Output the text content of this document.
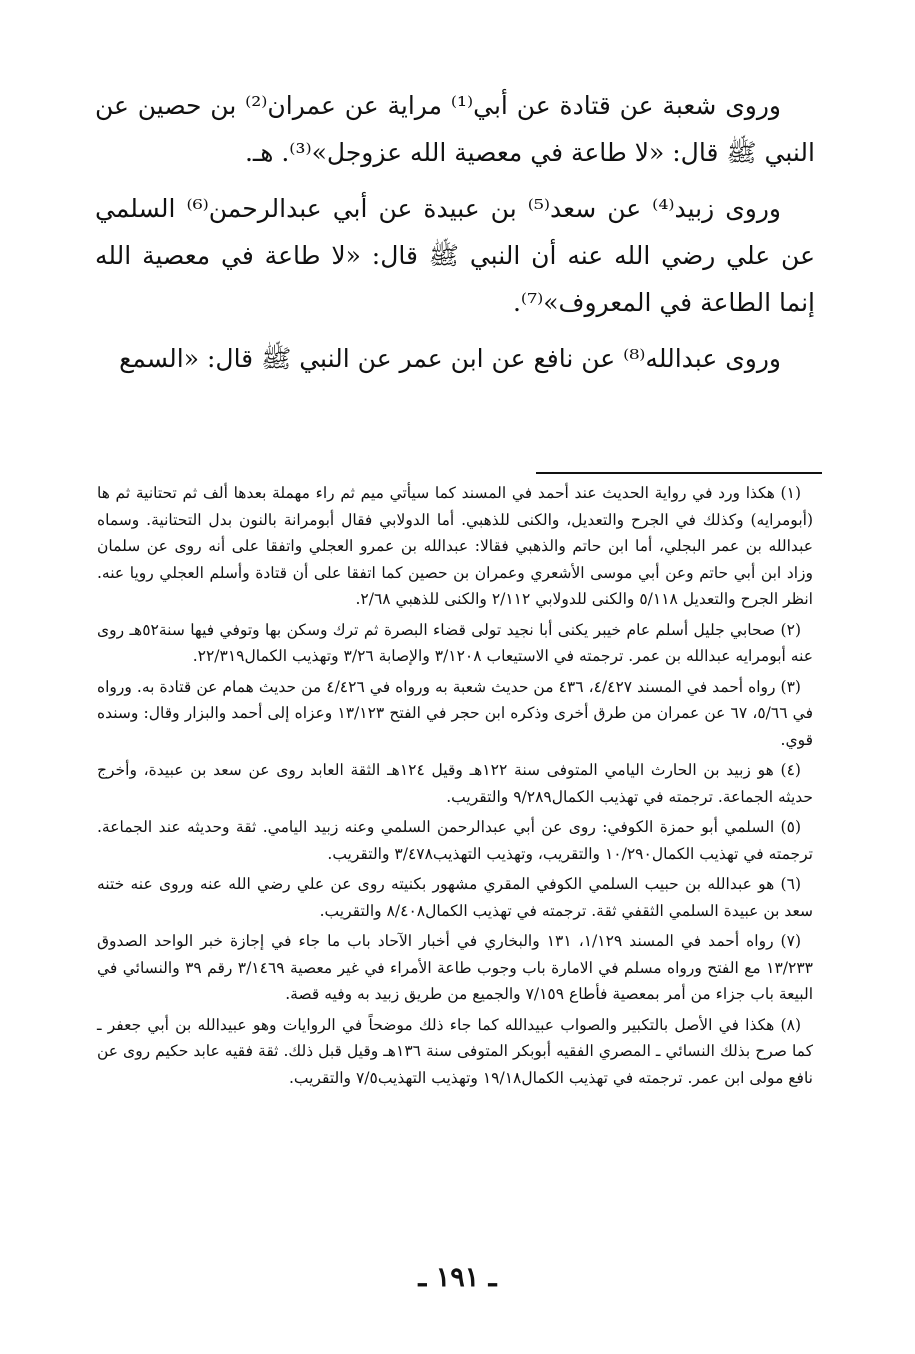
وروى شعبة عن قتادة عن أبي⁽¹⁾ مراية عن عمران⁽²⁾ بن حصين عن النبي ﷺ قال: «لا طاعة في معصية الله عزوجل»⁽³⁾. هـ.

وروى زبيد⁽⁴⁾ عن سعد⁽⁵⁾ بن عبيدة عن أبي عبدالرحمن⁽⁶⁾ السلمي عن علي رضي الله عنه أن النبي ﷺ قال: «لا طاعة في معصية الله إنما الطاعة في المعروف»⁽⁷⁾.

وروى عبدالله⁽⁸⁾ عن نافع عن ابن عمر عن النبي ﷺ قال: «السمع

(١) هكذا ورد في رواية الحديث عند أحمد في المسند كما سيأتي ميم ثم راء مهملة بعدها ألف ثم تحتانية ثم ها (أبومرايه) وكذلك في الجرح والتعديل، والكنى للذهبي. أما الدولابي فقال أبومرانة بالنون بدل التحتانية. وسماه عبدالله بن عمر البجلي، أما ابن حاتم والذهبي فقالا: عبدالله بن عمرو العجلي واتفقا على أنه روى عن سلمان وزاد ابن أبي حاتم وعن أبي موسى الأشعري وعمران بن حصين كما اتفقا على أن قتادة وأسلم العجلي رويا عنه. انظر الجرح والتعديل ٥/١١٨ والكنى للدولابي ٢/١١٢ والكنى للذهبي ٢/٦٨.

(٢) صحابي جليل أسلم عام خيبر يكنى أبا نجيد تولى قضاء البصرة ثم ترك وسكن بها وتوفي فيها سنة٥٢هـ روى عنه أبومرايه عبدالله بن عمر. ترجمته في الاستيعاب ٣/١٢٠٨ والإصابة ٣/٢٦ وتهذيب الكمال٢٢/٣١٩.

(٣) رواه أحمد في المسند ٤/٤٢٧، ٤٣٦ من حديث شعبة به ورواه في ٤/٤٢٦ من حديث همام عن قتادة به. ورواه في ٥/٦٦، ٦٧ عن عمران من طرق أخرى وذكره ابن حجر في الفتح ١٣/١٢٣ وعزاه إلى أحمد والبزار وقال: وسنده قوي.

(٤) هو زبيد بن الحارث اليامي المتوفى سنة ١٢٢هـ وقيل ١٢٤هـ الثقة العابد روى عن سعد بن عبيدة، وأخرج حديثه الجماعة. ترجمته في تهذيب الكمال٩/٢٨٩ والتقريب.

(٥) السلمي أبو حمزة الكوفي: روى عن أبي عبدالرحمن السلمي وعنه زبيد اليامي. ثقة وحديثه عند الجماعة. ترجمته في تهذيب الكمال١٠/٢٩٠ والتقريب، وتهذيب التهذيب٣/٤٧٨ والتقريب.

(٦) هو عبدالله بن حبيب السلمي الكوفي المقري مشهور بكنيته روى عن علي رضي الله عنه وروى عنه ختنه سعد بن عبيدة السلمي الثقفي ثقة. ترجمته في تهذيب الكمال٨/٤٠٨ والتقريب.

(٧) رواه أحمد في المسند ١/١٢٩، ١٣١ والبخاري في أخبار الآحاد باب ما جاء في إجازة خبر الواحد الصدوق ١٣/٢٣٣ مع الفتح ورواه مسلم في الامارة باب وجوب طاعة الأمراء في غير معصية ٣/١٤٦٩ رقم ٣٩ والنسائي في البيعة باب جزاء من أمر بمعصية فأطاع ٧/١٥٩ والجميع من طريق زبيد به وفيه قصة.

(٨) هكذا في الأصل بالتكبير والصواب عبيدالله كما جاء ذلك موضحاً في الروايات وهو عبيدالله بن أبي جعفر ـ كما صرح بذلك النسائي ـ المصري الفقيه أبوبكر المتوفى سنة ١٣٦هـ وقيل قبل ذلك. ثقة فقيه عابد حكيم روى عن نافع مولى ابن عمر. ترجمته في تهذيب الكمال١٩/١٨ وتهذيب التهذيب٧/٥ والتقريب.

ـ ١٩١ ـ
